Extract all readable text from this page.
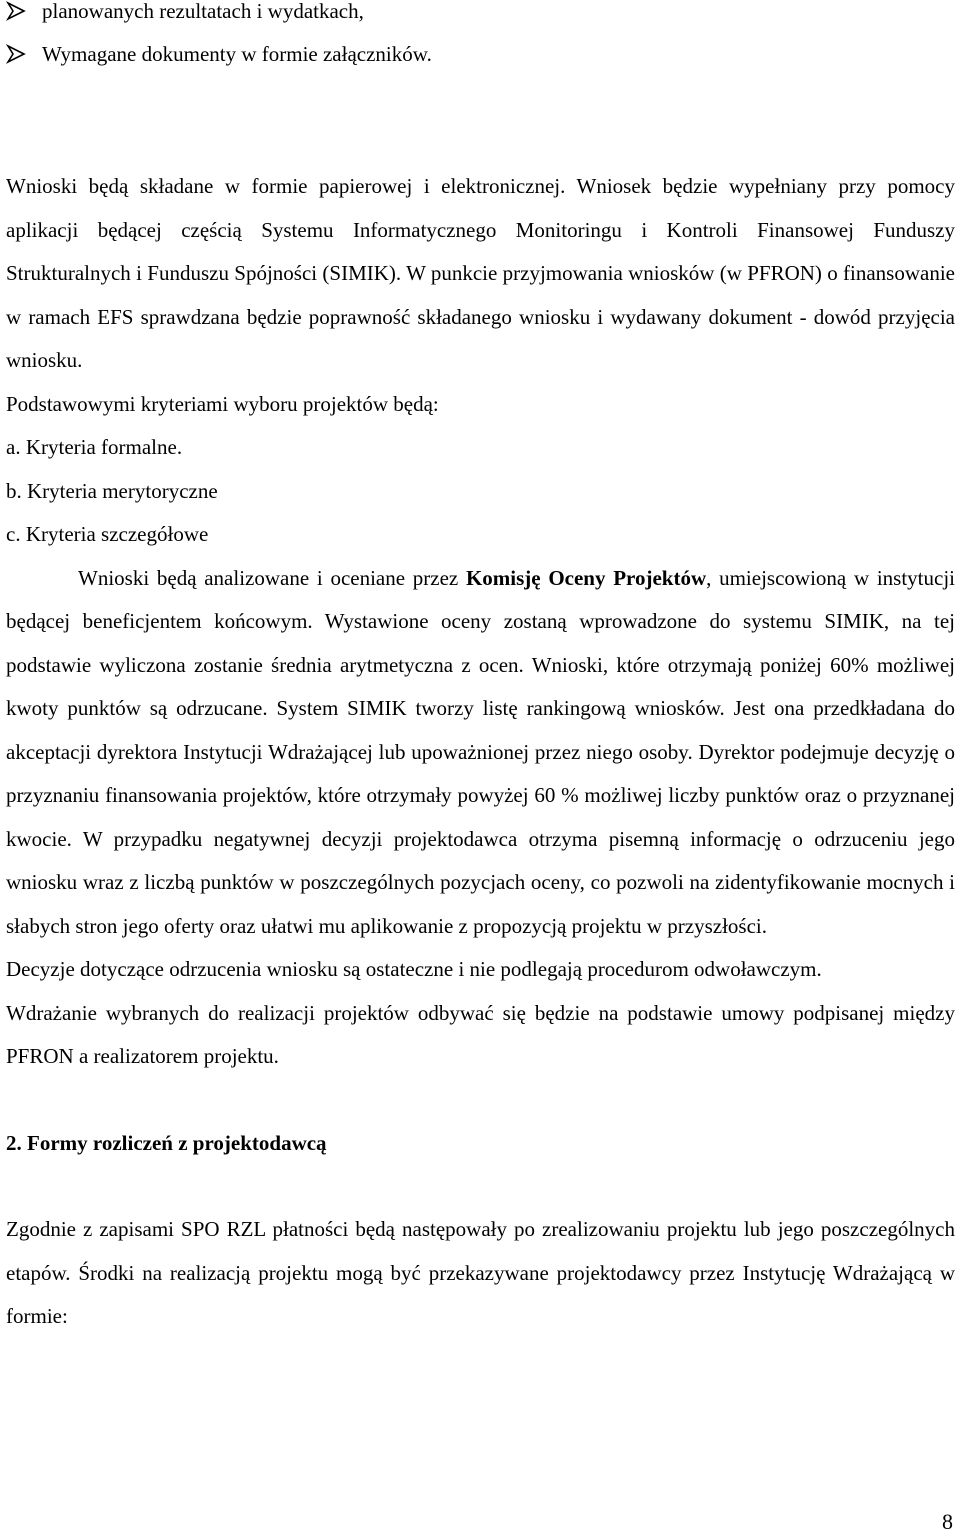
planowanych rezultatach i wydatkach,
Wymagane dokumenty w formie załączników.

Wnioski będą składane w formie papierowej i elektronicznej. Wniosek będzie wypełniany przy pomocy aplikacji będącej częścią Systemu Informatycznego Monitoringu i Kontroli Finansowej Funduszy Strukturalnych i Funduszu Spójności (SIMIK). W punkcie przyjmowania wniosków (w PFRON) o finansowanie w ramach EFS sprawdzana będzie poprawność składanego wniosku i wydawany dokument - dowód przyjęcia wniosku.

Podstawowymi kryteriami wyboru projektów będą:

a. Kryteria formalne.

b. Kryteria merytoryczne

c. Kryteria szczegółowe

Wnioski będą analizowane i oceniane przez Komisję Oceny Projektów, umiejscowioną w instytucji będącej beneficjentem końcowym. Wystawione oceny zostaną wprowadzone do systemu SIMIK, na tej podstawie wyliczona zostanie średnia arytmetyczna z ocen. Wnioski, które otrzymają poniżej 60% możliwej kwoty punktów są odrzucane. System SIMIK tworzy listę rankingową wniosków. Jest ona przedkładana do akceptacji dyrektora Instytucji Wdrażającej lub upoważnionej przez niego osoby. Dyrektor podejmuje decyzję o przyznaniu finansowania projektów, które otrzymały powyżej 60 % możliwej liczby punktów oraz o przyznanej kwocie. W przypadku negatywnej decyzji projektodawca otrzyma pisemną informację o odrzuceniu jego wniosku wraz z liczbą punktów w poszczególnych pozycjach oceny, co pozwoli na zidentyfikowanie mocnych i słabych stron jego oferty oraz ułatwi mu aplikowanie z propozycją projektu w przyszłości.

Decyzje dotyczące odrzucenia wniosku są ostateczne i nie podlegają procedurom odwoławczym.

Wdrażanie wybranych do realizacji projektów odbywać się będzie na podstawie umowy podpisanej między PFRON a realizatorem projektu.

2. Formy rozliczeń z projektodawcą

Zgodnie z zapisami SPO RZL płatności będą następowały po zrealizowaniu projektu lub jego poszczególnych etapów. Środki na realizacją projektu mogą być przekazywane projektodawcy przez Instytucję Wdrażającą w formie:

8
